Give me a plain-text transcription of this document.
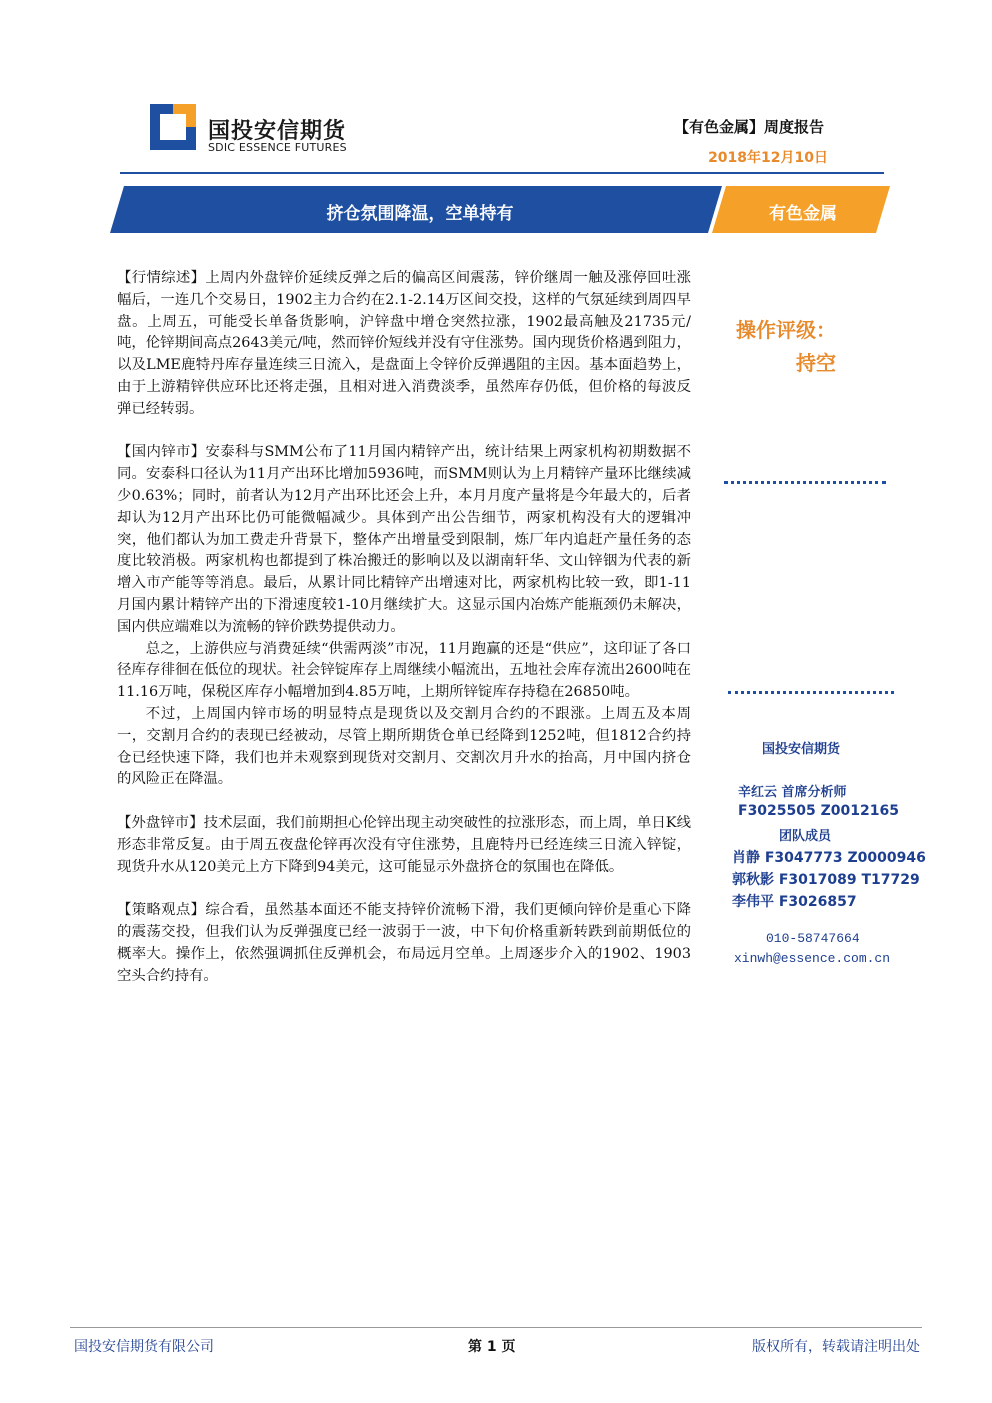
国投安信期货
SDIC ESSENCE FUTURES
【有色金属】周度报告
2018年12月10日
挤仓氛围降温，空单持有	有色金属

【行情综述】上周内外盘锌价延续反弹之后的偏高区间震荡，锌价继周一触及涨停回吐涨幅后，一连几个交易日，1902主力合约在2.1-2.14万区间交投，这样的气氛延续到周四早盘。上周五，可能受长单备货影响，沪锌盘中增仓突然拉涨，1902最高触及21735元/吨，伦锌期间高点2643美元/吨，然而锌价短线并没有守住涨势。国内现货价格遇到阻力，以及LME鹿特丹库存量连续三日流入，是盘面上令锌价反弹遇阻的主因。基本面趋势上，由于上游精锌供应环比还将走强，且相对进入消费淡季，虽然库存仍低，但价格的每波反弹已经转弱。

【国内锌市】安泰科与SMM公布了11月国内精锌产出，统计结果上两家机构初期数据不同。安泰科口径认为11月产出环比增加5936吨，而SMM则认为上月精锌产量环比继续减少0.63%；同时，前者认为12月产出环比还会上升，本月月度产量将是今年最大的，后者却认为12月产出环比仍可能微幅减少。具体到产出公告细节，两家机构没有大的逻辑冲突，他们都认为加工费走升背景下，整体产出增量受到限制，炼厂年内追赶产量任务的态度比较消极。两家机构也都提到了株冶搬迁的影响以及以湖南轩华、文山锌铟为代表的新增入市产能等等消息。最后，从累计同比精锌产出增速对比，两家机构比较一致，即1-11月国内累计精锌产出的下滑速度较1-10月继续扩大。这显示国内冶炼产能瓶颈仍未解决，国内供应端难以为流畅的锌价跌势提供动力。

总之，上游供应与消费延续“供需两淡”市况，11月跑赢的还是“供应”，这印证了各口径库存徘徊在低位的现状。社会锌锭库存上周继续小幅流出，五地社会库存流出2600吨在11.16万吨，保税区库存小幅增加到4.85万吨，上期所锌锭库存持稳在26850吨。

不过，上周国内锌市场的明显特点是现货以及交割月合约的不跟涨。上周五及本周一，交割月合约的表现已经被动，尽管上期所期货仓单已经降到1252吨，但1812合约持仓已经快速下降，我们也并未观察到现货对交割月、交割次月升水的抬高，月中国内挤仓的风险正在降温。

【外盘锌市】技术层面，我们前期担心伦锌出现主动突破性的拉涨形态，而上周，单日K线形态非常反复。由于周五夜盘伦锌再次没有守住涨势，且鹿特丹已经连续三日流入锌锭，现货升水从120美元上方下降到94美元，这可能显示外盘挤仓的氛围也在降低。

【策略观点】综合看，虽然基本面还不能支持锌价流畅下滑，我们更倾向锌价是重心下降的震荡交投，但我们认为反弹强度已经一波弱于一波，中下旬价格重新转跌到前期低位的概率大。操作上，依然强调抓住反弹机会，布局远月空单。上周逐步介入的1902、1903空头合约持有。

操作评级：
持空
国投安信期货
辛红云 首席分析师
F3025505 Z0012165
团队成员
肖静 F3047773 Z0000946
郭秋影 F3017089 T17729
李伟平 F3026857
010-58747664
xinwh@essence.com.cn
国投安信期货有限公司	第 1 页	版权所有，转载请注明出处
